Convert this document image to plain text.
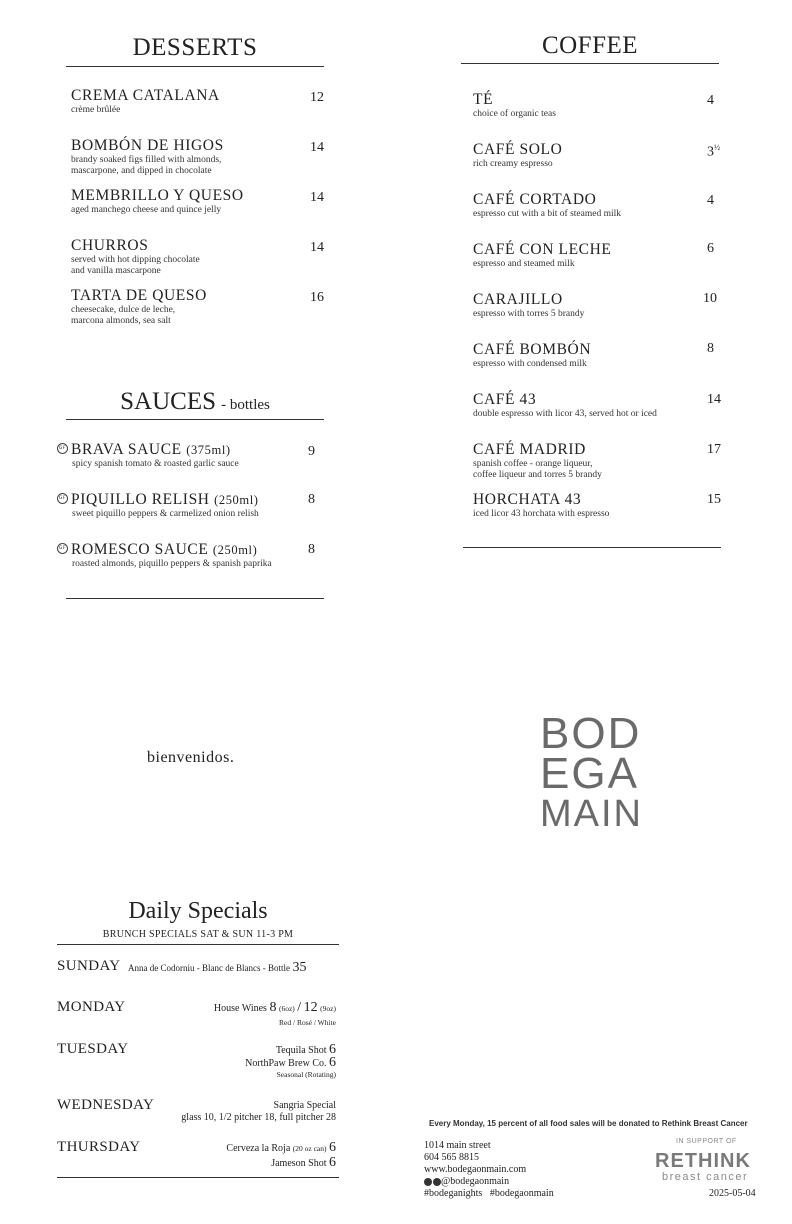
DESSERTS
CREMA CATALANA
crème brûlée
12
BOMBÓN DE HIGOS
brandy soaked figs filled with almonds,
mascarpone, and dipped in chocolate
14
MEMBRILLO Y QUESO
aged manchego cheese and quince jelly
14
CHURROS
served with hot dipping chocolate
and vanilla mascarpone
14
TARTA DE QUESO
cheesecake, dulce de leche,
marcona almonds, sea salt
16
SAUCES - bottles
GF BRAVA SAUCE (375ml)
spicy spanish tomato & roasted garlic sauce
9
GF PIQUILLO RELISH (250ml)
sweet piquillo peppers & carmelized onion relish
8
GF ROMESCO SAUCE (250ml)
roasted almonds, piquillo peppers & spanish paprika
8
COFFEE
TÉ
choice of organic teas
4
CAFÉ SOLO
rich creamy espresso
$3^{\frac{1}{2}}$
CAFÉ CORTADO
espresso cut with a bit of steamed milk
4
CAFÉ CON LECHE
espresso and steamed milk
6
CARAJILLO
espresso with torres 5 brandy
10
CAFÉ BOMBÓN
espresso with condensed milk
8
CAFÉ 43
double espresso with licor 43, served hot or iced
14
CAFÉ MADRID
spanish coffee - orange liqueur,
coffee liqueur and torres 5 brandy
17
HORCHATA 43
iced licor 43 horchata with espresso
15
bienvenidos.	BOD
EGA
MAIN
Daily Specials
BRUNCH SPECIALS SAT & SUN 11-3 PM
SUNDAY Anna de Codorniu - Blanc de Blancs - Bottle 35
MONDAY	House Wines 8 (6oz) / 12 (9oz)
Red / Rosé / White
TUESDAY	Tequila Shot 6
NorthPaw Brew Co. 6
Seasonal (Rotating)
WEDNESDAY	Sangria Special
glass 10, 1/2 pitcher 18, full pitcher 28
THURSDAY	Cerveza la Roja (20 oz can) 6
Jameson Shot 6
Every Monday, 15 percent of all food sales will be donated to Rethink Breast Cancer
1014 main street
604 565 8815
www.bodegaonmain.com
@bodegaonmain
#bodeganights   #bodegaonmain
IN SUPPORT OF
RETHINK
breast cancer
2025-05-04
